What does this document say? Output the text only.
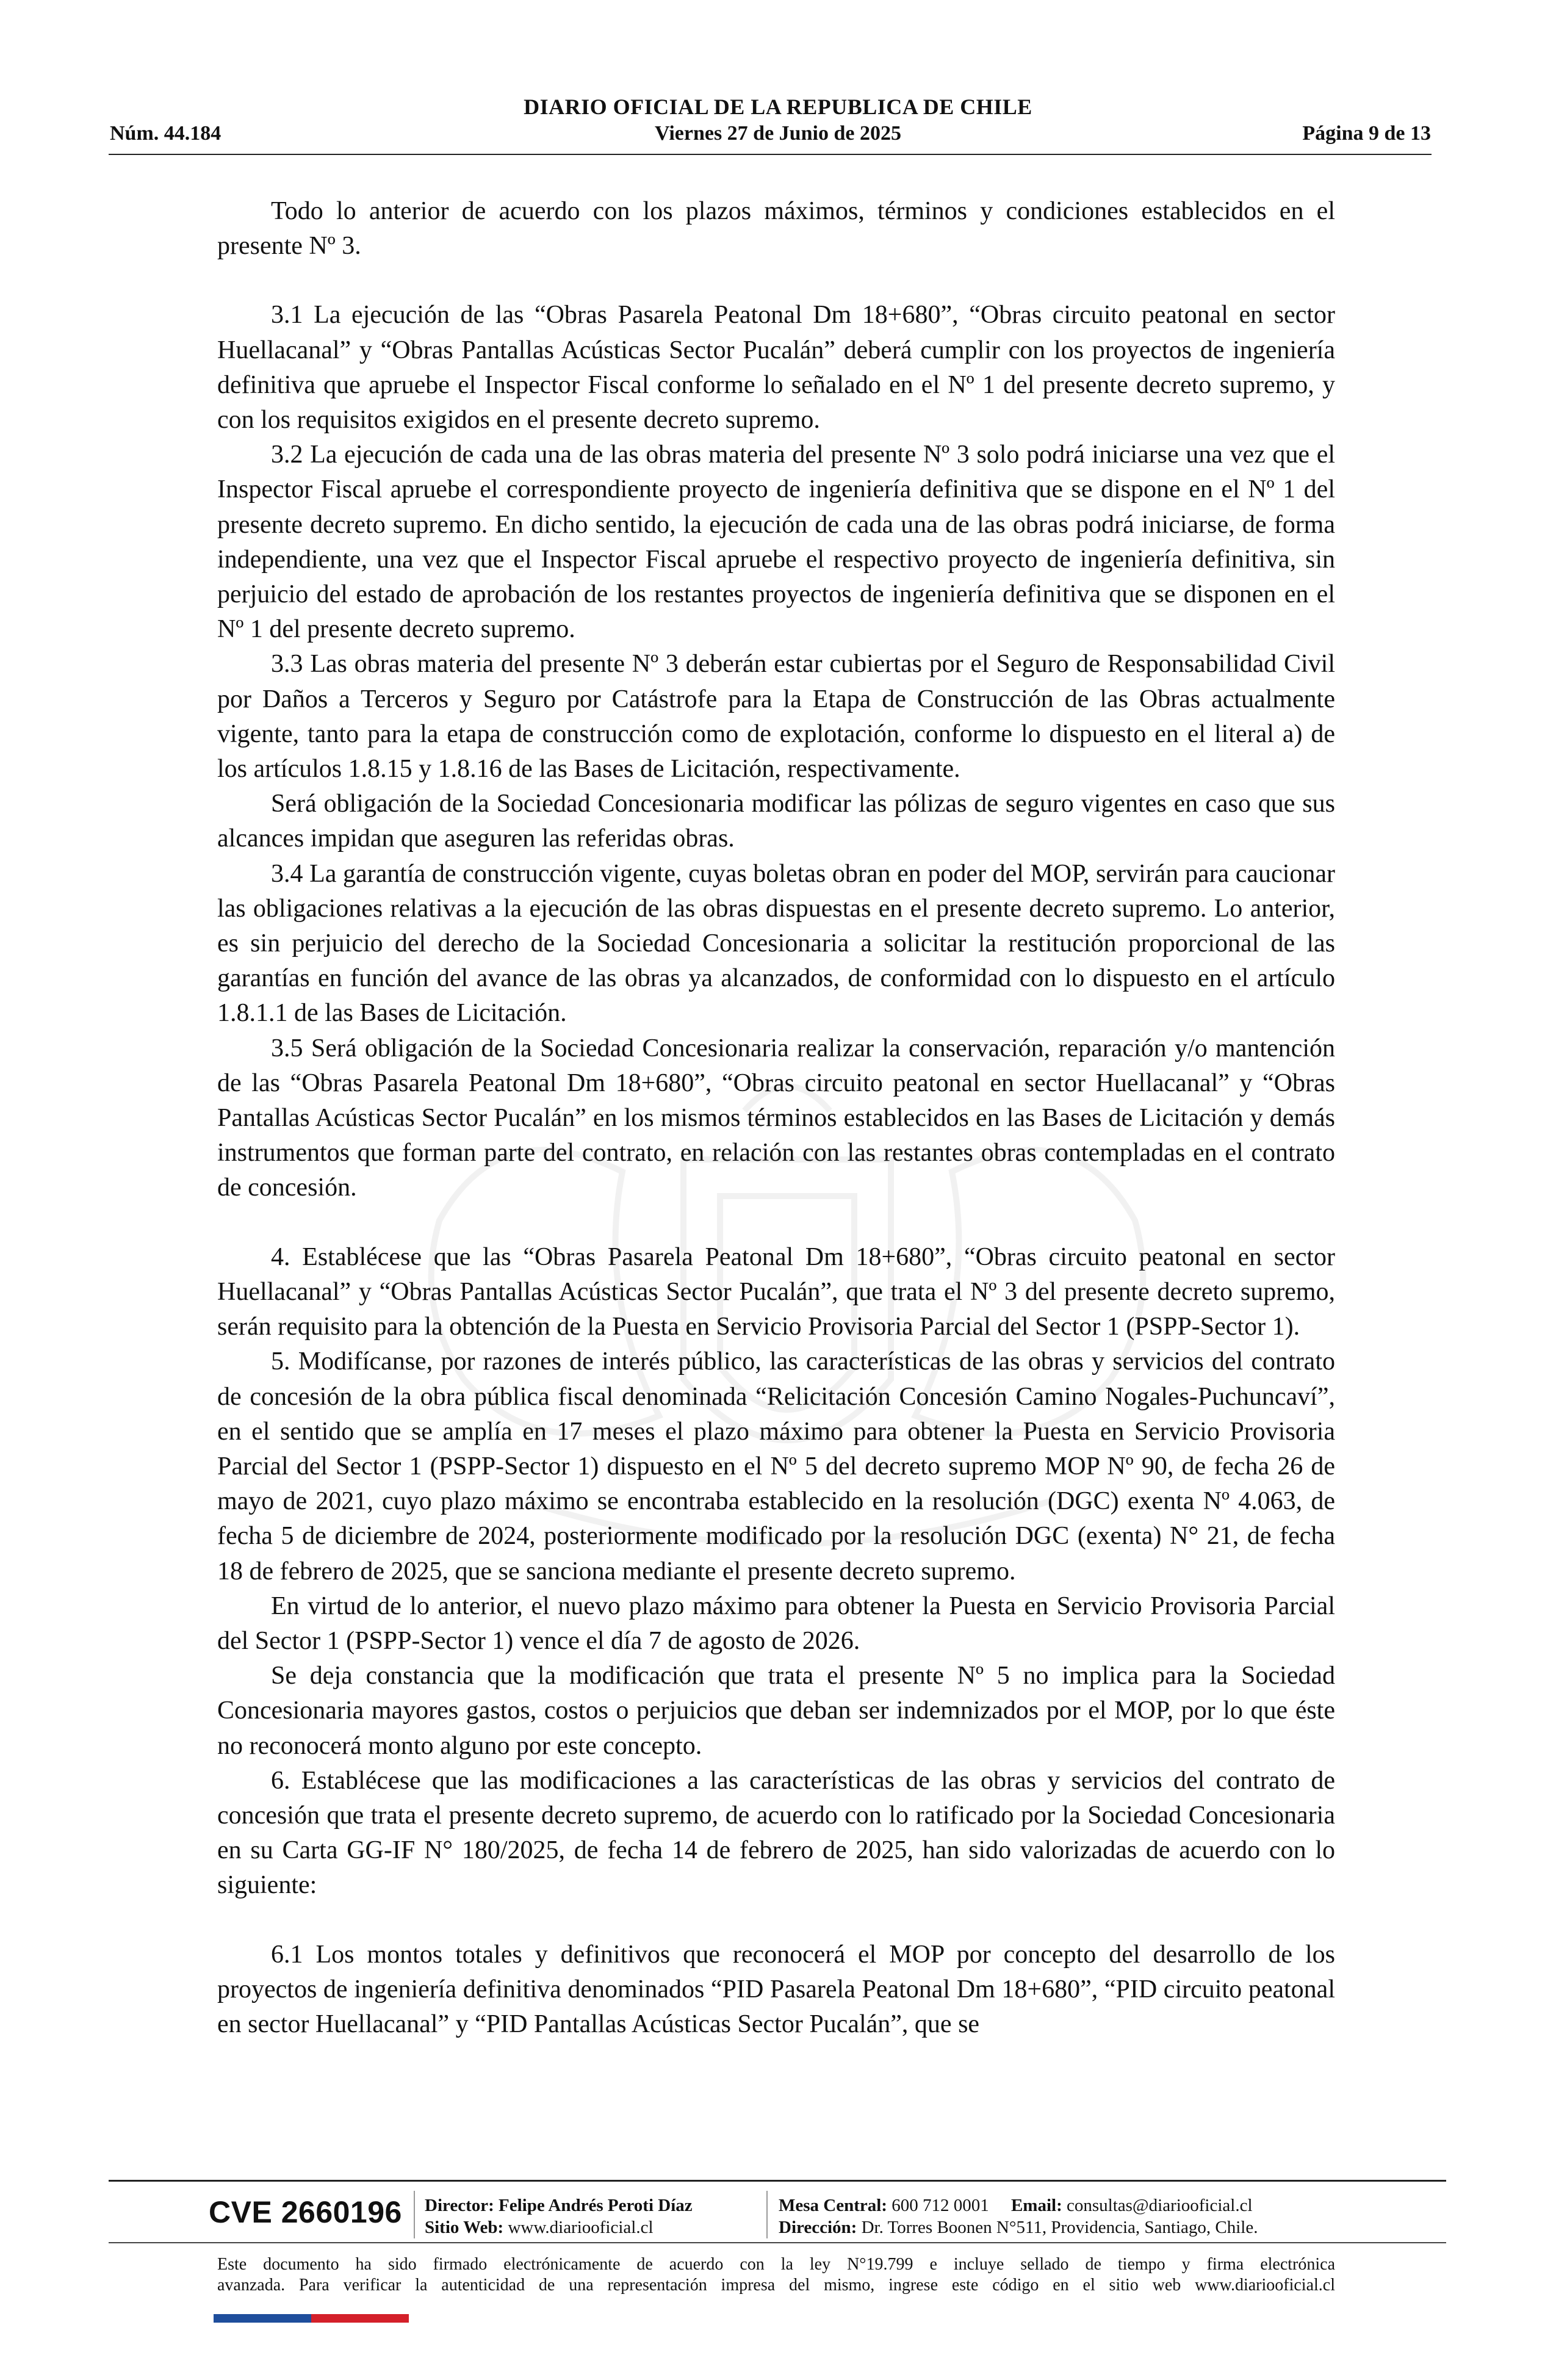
DIARIO OFICIAL DE LA REPUBLICA DE CHILE
Núm. 44.184	Viernes 27 de Junio de 2025	Página 9 de 13

Todo lo anterior de acuerdo con los plazos máximos, términos y condiciones establecidos en el presente Nº 3.

3.1 La ejecución de las “Obras Pasarela Peatonal Dm 18+680”, “Obras circuito peatonal en sector Huellacanal” y “Obras Pantallas Acústicas Sector Pucalán” deberá cumplir con los proyectos de ingeniería definitiva que apruebe el Inspector Fiscal conforme lo señalado en el Nº 1 del presente decreto supremo, y con los requisitos exigidos en el presente decreto supremo.

3.2 La ejecución de cada una de las obras materia del presente Nº 3 solo podrá iniciarse una vez que el Inspector Fiscal apruebe el correspondiente proyecto de ingeniería definitiva que se dispone en el Nº 1 del presente decreto supremo. En dicho sentido, la ejecución de cada una de las obras podrá iniciarse, de forma independiente, una vez que el Inspector Fiscal apruebe el respectivo proyecto de ingeniería definitiva, sin perjuicio del estado de aprobación de los restantes proyectos de ingeniería definitiva que se disponen en el Nº 1 del presente decreto supremo.

3.3 Las obras materia del presente Nº 3 deberán estar cubiertas por el Seguro de Responsabilidad Civil por Daños a Terceros y Seguro por Catástrofe para la Etapa de Construcción de las Obras actualmente vigente, tanto para la etapa de construcción como de explotación, conforme lo dispuesto en el literal a) de los artículos 1.8.15 y 1.8.16 de las Bases de Licitación, respectivamente.

Será obligación de la Sociedad Concesionaria modificar las pólizas de seguro vigentes en caso que sus alcances impidan que aseguren las referidas obras.

3.4 La garantía de construcción vigente, cuyas boletas obran en poder del MOP, servirán para caucionar las obligaciones relativas a la ejecución de las obras dispuestas en el presente decreto supremo. Lo anterior, es sin perjuicio del derecho de la Sociedad Concesionaria a solicitar la restitución proporcional de las garantías en función del avance de las obras ya alcanzados, de conformidad con lo dispuesto en el artículo 1.8.1.1 de las Bases de Licitación.

3.5 Será obligación de la Sociedad Concesionaria realizar la conservación, reparación y/o mantención de las “Obras Pasarela Peatonal Dm 18+680”, “Obras circuito peatonal en sector Huellacanal” y “Obras Pantallas Acústicas Sector Pucalán” en los mismos términos establecidos en las Bases de Licitación y demás instrumentos que forman parte del contrato, en relación con las restantes obras contempladas en el contrato de concesión.

4. Establécese que las “Obras Pasarela Peatonal Dm 18+680”, “Obras circuito peatonal en sector Huellacanal” y “Obras Pantallas Acústicas Sector Pucalán”, que trata el Nº 3 del presente decreto supremo, serán requisito para la obtención de la Puesta en Servicio Provisoria Parcial del Sector 1 (PSPP-Sector 1).

5. Modifícanse, por razones de interés público, las características de las obras y servicios del contrato de concesión de la obra pública fiscal denominada “Relicitación Concesión Camino Nogales-Puchuncaví”, en el sentido que se amplía en 17 meses el plazo máximo para obtener la Puesta en Servicio Provisoria Parcial del Sector 1 (PSPP-Sector 1) dispuesto en el Nº 5 del decreto supremo MOP Nº 90, de fecha 26 de mayo de 2021, cuyo plazo máximo se encontraba establecido en la resolución (DGC) exenta Nº 4.063, de fecha 5 de diciembre de 2024, posteriormente modificado por la resolución DGC (exenta) N° 21, de fecha 18 de febrero de 2025, que se sanciona mediante el presente decreto supremo.

En virtud de lo anterior, el nuevo plazo máximo para obtener la Puesta en Servicio Provisoria Parcial del Sector 1 (PSPP-Sector 1) vence el día 7 de agosto de 2026.

Se deja constancia que la modificación que trata el presente Nº 5 no implica para la Sociedad Concesionaria mayores gastos, costos o perjuicios que deban ser indemnizados por el MOP, por lo que éste no reconocerá monto alguno por este concepto.

6. Establécese que las modificaciones a las características de las obras y servicios del contrato de concesión que trata el presente decreto supremo, de acuerdo con lo ratificado por la Sociedad Concesionaria en su Carta GG-IF N° 180/2025, de fecha 14 de febrero de 2025, han sido valorizadas de acuerdo con lo siguiente:

6.1 Los montos totales y definitivos que reconocerá el MOP por concepto del desarrollo de los proyectos de ingeniería definitiva denominados “PID Pasarela Peatonal Dm 18+680”, “PID circuito peatonal en sector Huellacanal” y “PID Pantallas Acústicas Sector Pucalán”, que se

CVE 2660196 Director: Felipe Andrés Peroti Díaz
Sitio Web: www.diariooficial.cl
Mesa Central: 600 712 0001 Email: consultas@diariooficial.cl
Dirección: Dr. Torres Boonen N°511, Providencia, Santiago, Chile.
Este documento ha sido firmado electrónicamente de acuerdo con la ley N°19.799 e incluye sellado de tiempo y firma electrónica
avanzada. Para verificar la autenticidad de una representación impresa del mismo, ingrese este código en el sitio web www.diariooficial.cl
